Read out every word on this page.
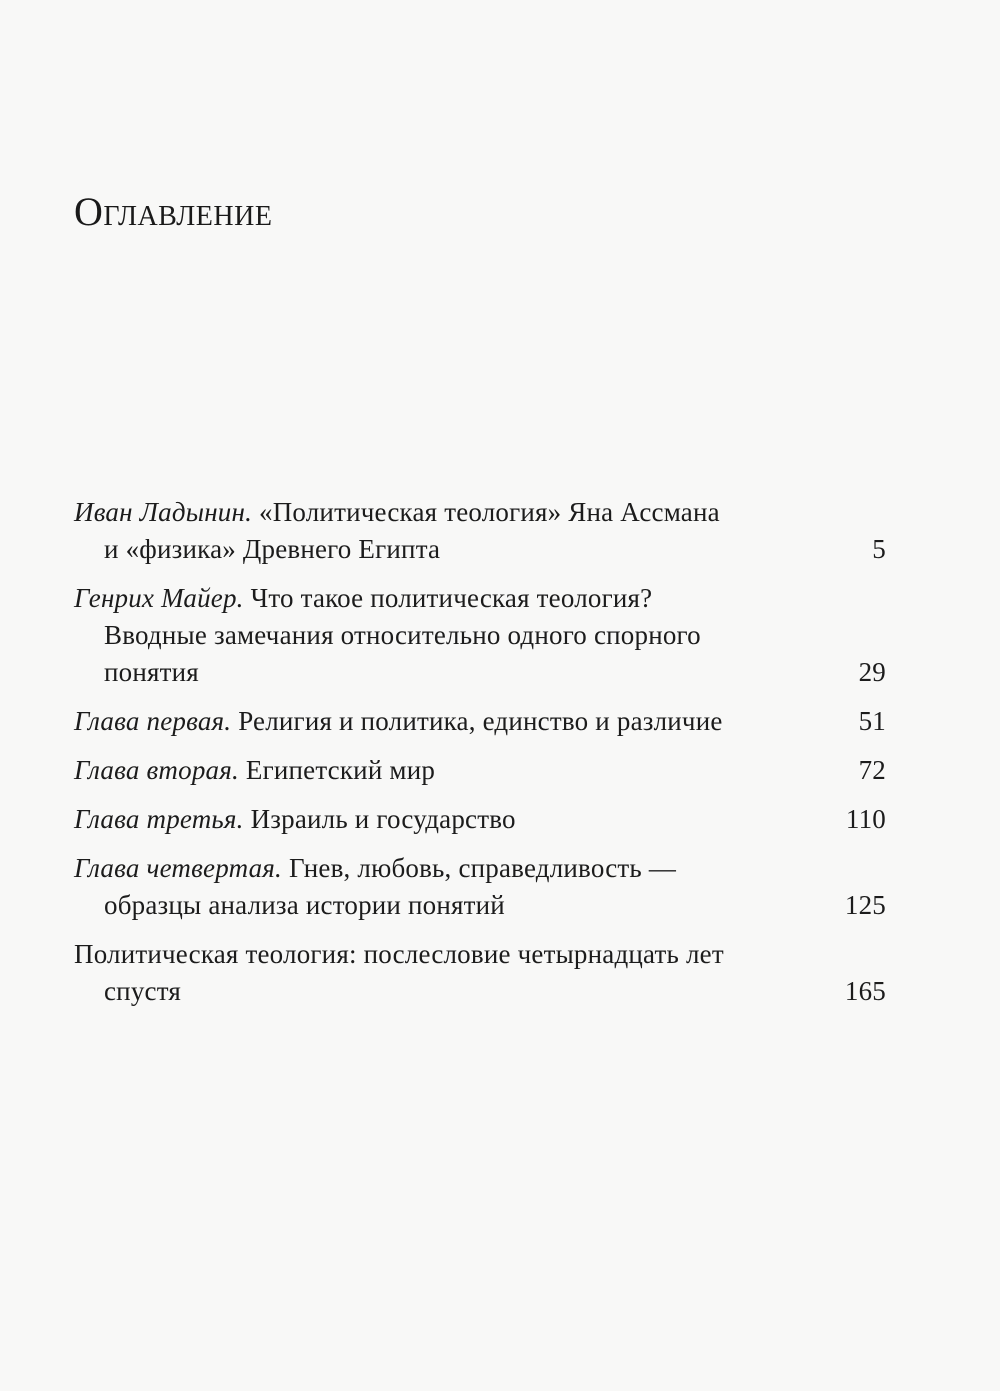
Оглавление
Иван Ладынин. «Политическая теология» Яна Ассмана
и «физика» Древнего Египта	5
Генрих Майер. Что такое политическая теология?
Вводные замечания относительно одного спорного
понятия	29
Глава первая. Религия и политика, единство и различие	51
Глава вторая. Египетский мир	72
Глава третья. Израиль и государство	110
Глава четвертая. Гнев, любовь, справедливость —
образцы анализа истории понятий	125
Политическая теология: послесловие четырнадцать лет
спустя	165
